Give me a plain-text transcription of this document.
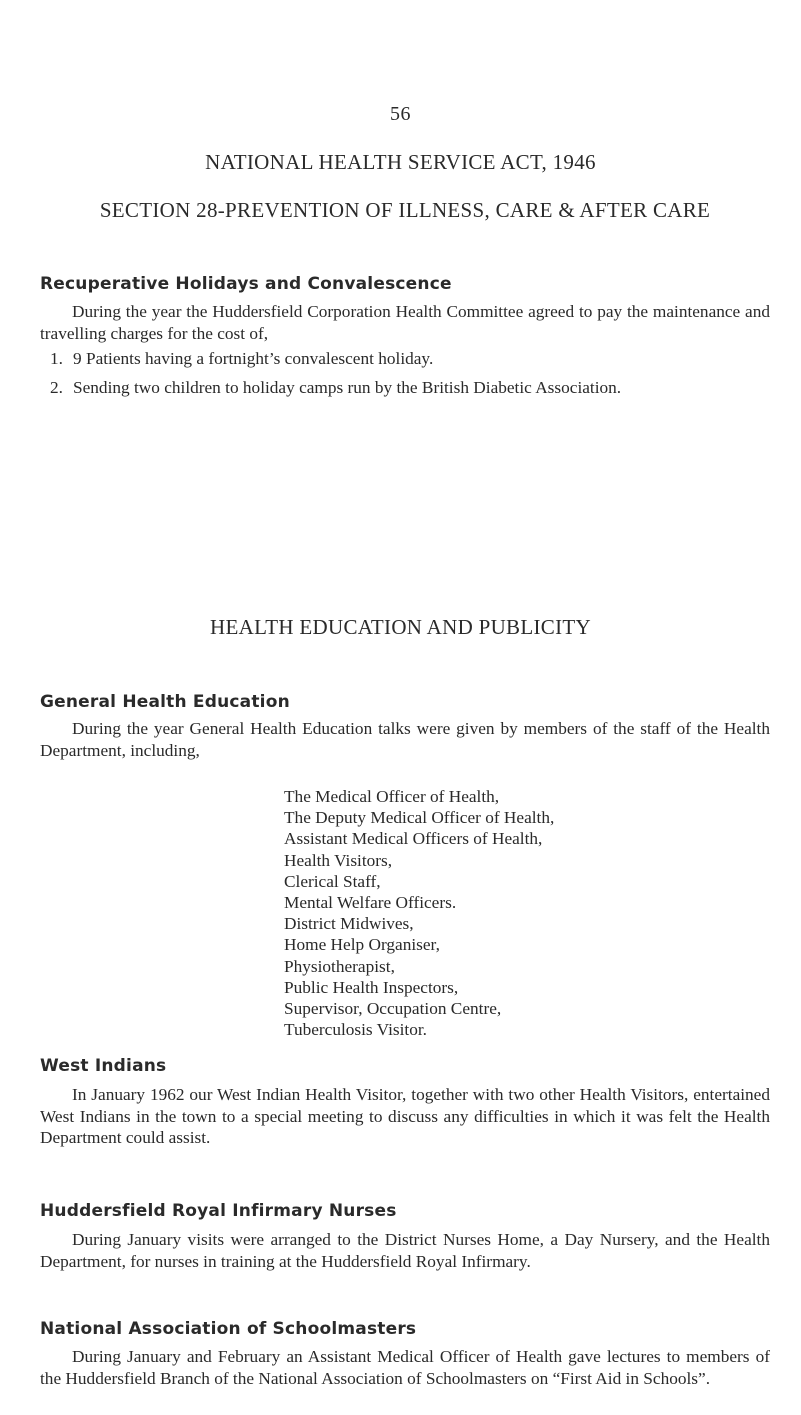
56
NATIONAL HEALTH SERVICE ACT, 1946
SECTION 28-PREVENTION OF ILLNESS, CARE & AFTER CARE
Recuperative Holidays and Convalescence

During the year the Huddersfield Corporation Health Committee agreed to pay the maintenance and travelling charges for the cost of,

1. 9 Patients having a fortnight’s convalescent holiday.
2. Sending two children to holiday camps run by the British Diabetic Association.
HEALTH EDUCATION AND PUBLICITY
General Health Education

During the year General Health Education talks were given by members of the staff of the Health Department, including,

The Medical Officer of Health,
The Deputy Medical Officer of Health,
Assistant Medical Officers of Health,
Health Visitors,
Clerical Staff,
Mental Welfare Officers.
District Midwives,
Home Help Organiser,
Physiotherapist,
Public Health Inspectors,
Supervisor, Occupation Centre,
Tuberculosis Visitor.
West Indians

In January 1962 our West Indian Health Visitor, together with two other Health Visitors, entertained West Indians in the town to a special meeting to discuss any difficulties in which it was felt the Health Department could assist.

Huddersfield Royal Infirmary Nurses

During January visits were arranged to the District Nurses Home, a Day Nursery, and the Health Department, for nurses in training at the Huddersfield Royal Infirmary.

National Association of Schoolmasters

During January and February an Assistant Medical Officer of Health gave lectures to members of the Huddersfield Branch of the National Association of Schoolmasters on “First Aid in Schools”.
